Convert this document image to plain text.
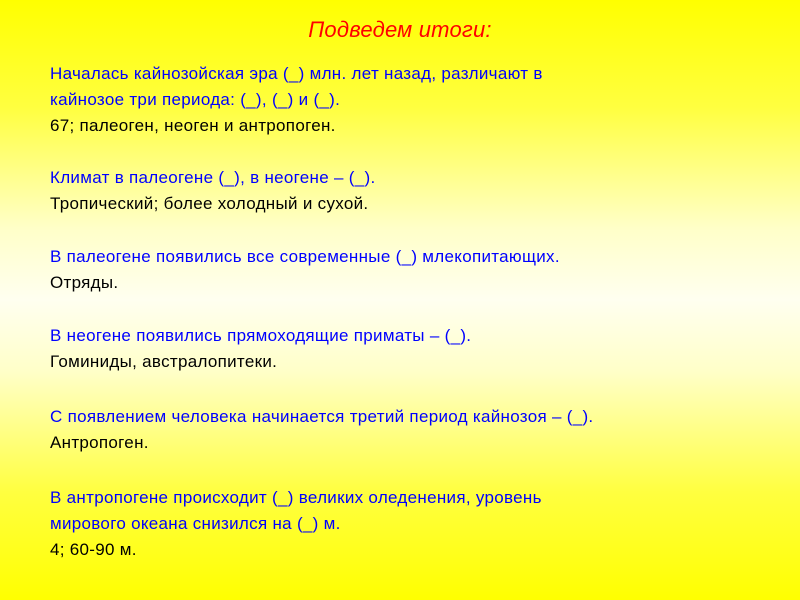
Подведем итоги:
Началась кайнозойская эра (_) млн. лет назад, различают в
кайнозое три периода: (_), (_) и (_).
67; палеоген, неоген и антропоген.
Климат в палеогене (_), в неогене – (_).
Тропический; более холодный и сухой.
В палеогене появились все современные (_) млекопитающих.
Отряды.
В неогене появились прямоходящие приматы – (_).
Гоминиды, австралопитеки.
С появлением человека начинается третий период кайнозоя – (_).
Антропоген.
В антропогене происходит (_) великих оледенения, уровень
мирового океана снизился на (_) м.
4; 60-90 м.
